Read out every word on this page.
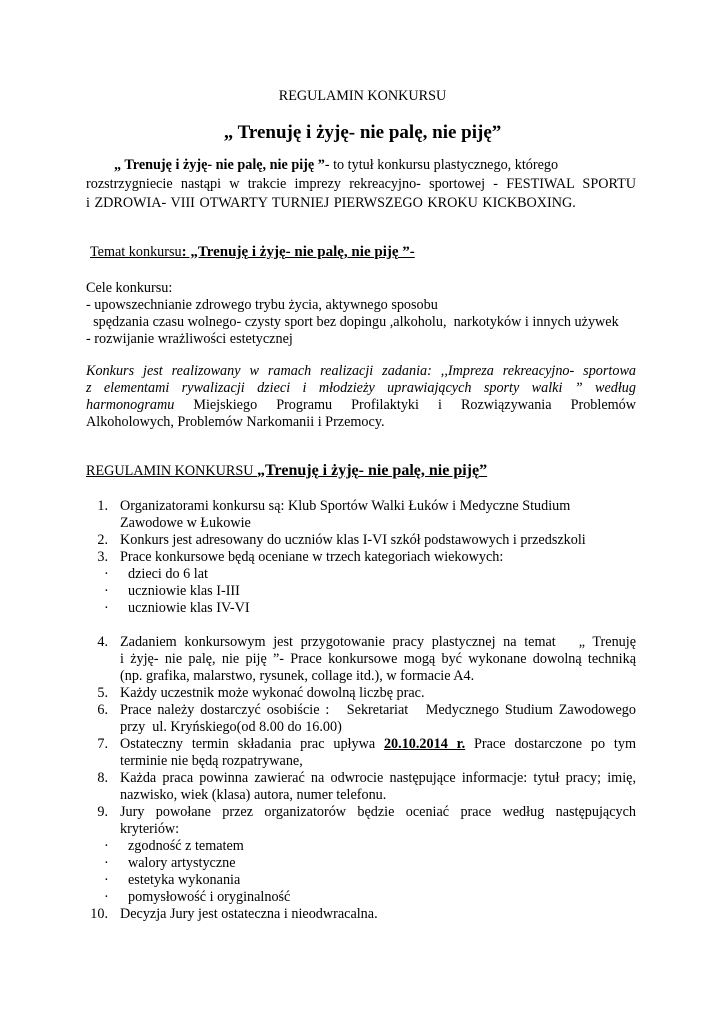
REGULAMIN KONKURSU
„ Trenuję i żyję- nie palę, nie piję”
„ Trenuję i żyję- nie palę, nie piję ”- to tytuł konkursu plastycznego, którego
rozstrzygniecie nastąpi w trakcie imprezy rekreacyjno- sportowej - FESTIWAL SPORTU
i ZDROWIA- VIII OTWARTY TURNIEJ PIERWSZEGO KROKU KICKBOXING.
Temat konkursu: „Trenuję i żyję- nie palę, nie piję ”-
Cele konkursu:
- upowszechnianie zdrowego trybu życia, aktywnego sposobu
spędzania czasu wolnego- czysty sport bez dopingu ,alkoholu,  narkotyków i innych używek
- rozwijanie wrażliwości estetycznej
Konkurs jest realizowany w ramach realizacji zadania: ,,Impreza rekreacyjno- sportowa
z elementami rywalizacji dzieci i młodzieży uprawiających sporty walki ” według
harmonogramu Miejskiego Programu Profilaktyki i Rozwiązywania Problemów
Alkoholowych, Problemów Narkomanii i Przemocy.
REGULAMIN KONKURSU „Trenuję i żyję- nie palę, nie piję”
1. Organizatorami konkursu są: Klub Sportów Walki Łuków i Medyczne Studium
Zawodowe w Łukowie
2. Konkurs jest adresowany do uczniów klas I-VI szkół podstawowych i przedszkoli
3. Prace konkursowe będą oceniane w trzech kategoriach wiekowych:
· dzieci do 6 lat
· uczniowie klas I-III
· uczniowie klas IV-VI
4. Zadaniem konkursowym jest przygotowanie pracy plastycznej na temat   „ Trenuję
i żyję- nie palę, nie piję ”- Prace konkursowe mogą być wykonane dowolną techniką
(np. grafika, malarstwo, rysunek, collage itd.), w formacie A4.
5. Każdy uczestnik może wykonać dowolną liczbę prac.
6. Prace należy dostarczyć osobiście :   Sekretariat   Medycznego Studium Zawodowego
przy  ul. Kryńskiego(od 8.00 do 16.00)
7. Ostateczny termin składania prac upływa 20.10.2014 r. Prace dostarczone po tym
terminie nie będą rozpatrywane,
8. Każda praca powinna zawierać na odwrocie następujące informacje: tytuł pracy; imię,
nazwisko, wiek (klasa) autora, numer telefonu.
9. Jury powołane przez organizatorów będzie oceniać prace według następujących
kryteriów:
· zgodność z tematem
· walory artystyczne
· estetyka wykonania
· pomysłowość i oryginalność
10. Decyzja Jury jest ostateczna i nieodwracalna.
